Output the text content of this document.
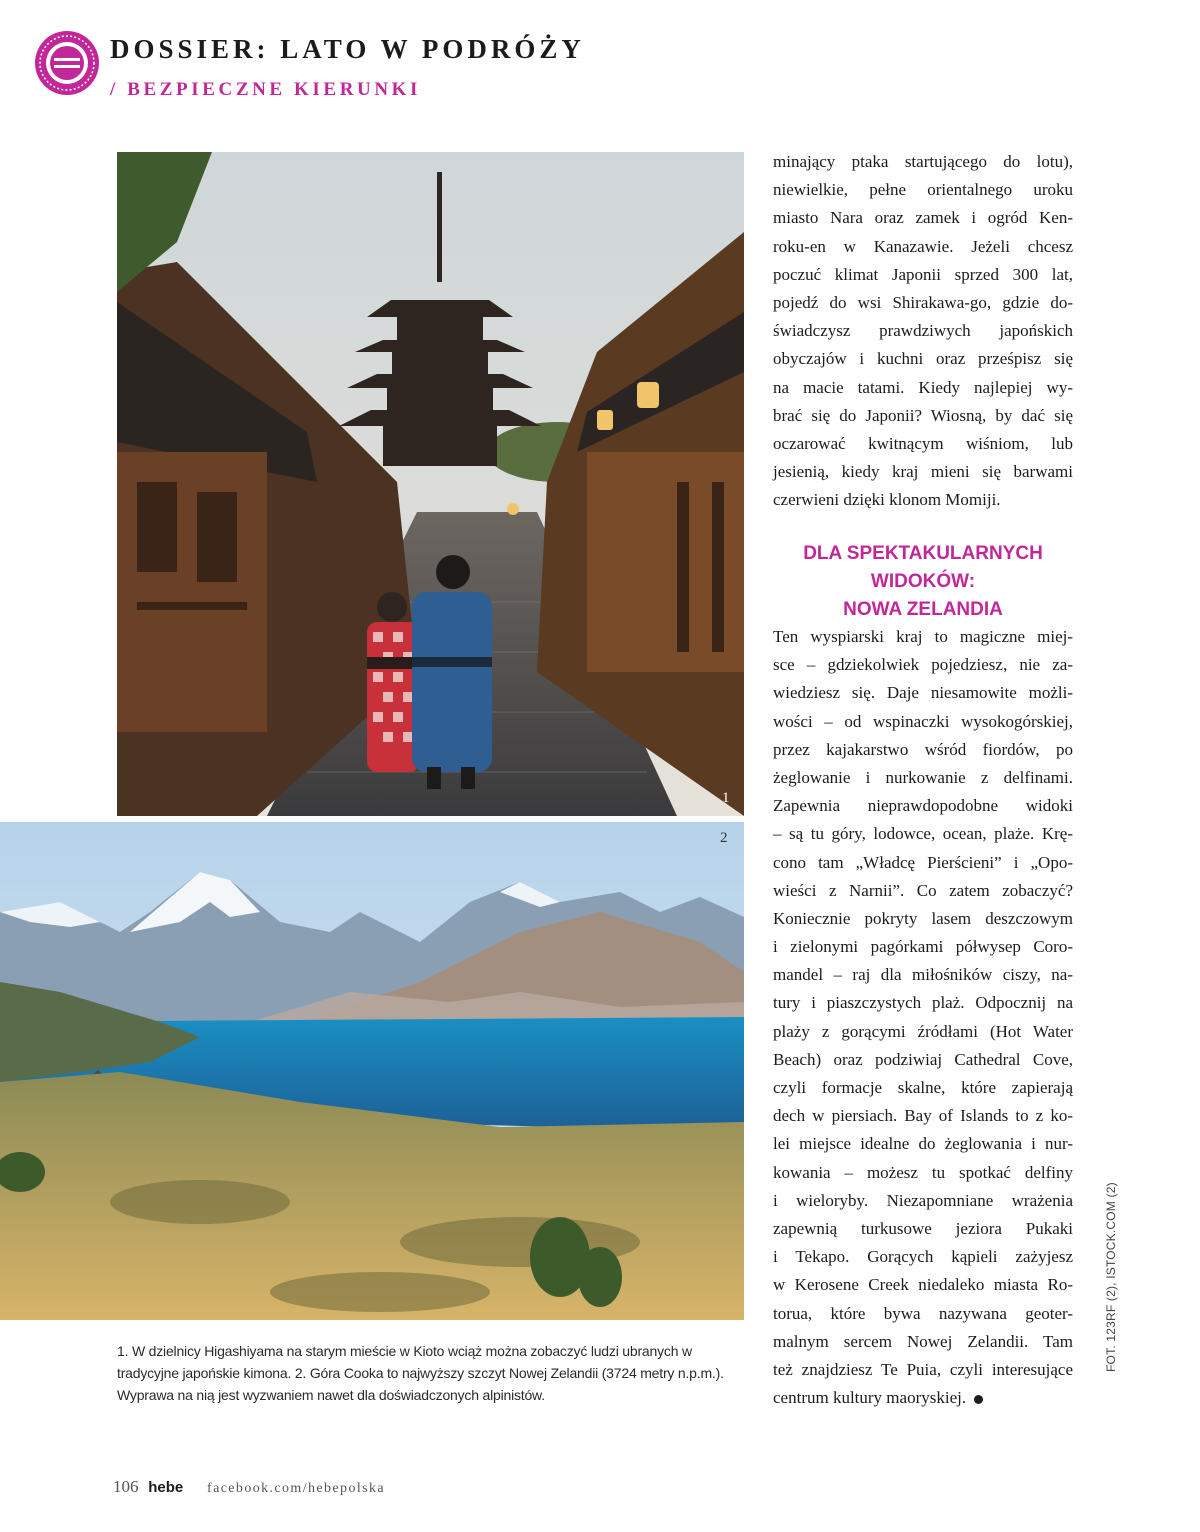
DOSSIER: LATO W PODRÓŻY
/ BEZPIECZNE KIERUNKI
1
2

1. W dzielnicy Higashiyama na starym mieście w Kioto wciąż można zobaczyć ludzi ubranych w tradycyjne japońskie kimona. 2. Góra Cooka to najwyższy szczyt Nowej Zelandii (3724 metry n.p.m.). Wyprawa na nią jest wyzwaniem nawet dla doświadczonych alpinistów.

minający ptaka startującego do lotu),
niewielkie, pełne orientalnego uroku
miasto Nara oraz zamek i ogród Ken-
roku-en w Kanazawie. Jeżeli chcesz
poczuć klimat Japonii sprzed 300 lat,
pojedź do wsi Shirakawa-go, gdzie do-
świadczysz prawdziwych japońskich
obyczajów i kuchni oraz prześpisz się
na macie tatami. Kiedy najlepiej wy-
brać się do Japonii? Wiosną, by dać się
oczarować kwitnącym wiśniom, lub
jesienią, kiedy kraj mieni się barwami
czerwieni dzięki klonom Momiji.
DLA SPEKTAKULARNYCH
WIDOKÓW:
NOWA ZELANDIA
Ten wyspiarski kraj to magiczne miej-
sce – gdziekolwiek pojedziesz, nie za-
wiedziesz się. Daje niesamowite możli-
wości – od wspinaczki wysokogórskiej,
przez kajakarstwo wśród fiordów, po
żeglowanie i nurkowanie z delfinami.
Zapewnia nieprawdopodobne widoki
– są tu góry, lodowce, ocean, plaże. Krę-
cono tam „Władcę Pierścieni” i „Opo-
wieści z Narnii”. Co zatem zobaczyć?
Koniecznie pokryty lasem deszczowym
i zielonymi pagórkami półwysep Coro-
mandel – raj dla miłośników ciszy, na-
tury i piaszczystych plaż. Odpocznij na
plaży z gorącymi źródłami (Hot Water
Beach) oraz podziwiaj Cathedral Cove,
czyli formacje skalne, które zapierają
dech w piersiach. Bay of Islands to z ko-
lei miejsce idealne do żeglowania i nur-
kowania – możesz tu spotkać delfiny
i wieloryby. Niezapomniane wrażenia
zapewnią turkusowe jeziora Pukaki
i Tekapo. Gorących kąpieli zażyjesz
w Kerosene Creek niedaleko miasta Ro-
torua, które bywa nazywana geoter-
malnym sercem Nowej Zelandii. Tam
też znajdziesz Te Puia, czyli interesujące
centrum kultury maoryskiej.
FOT. 123RF (2), ISTOCK.COM (2)
106 hebe facebook.com/hebepolska
